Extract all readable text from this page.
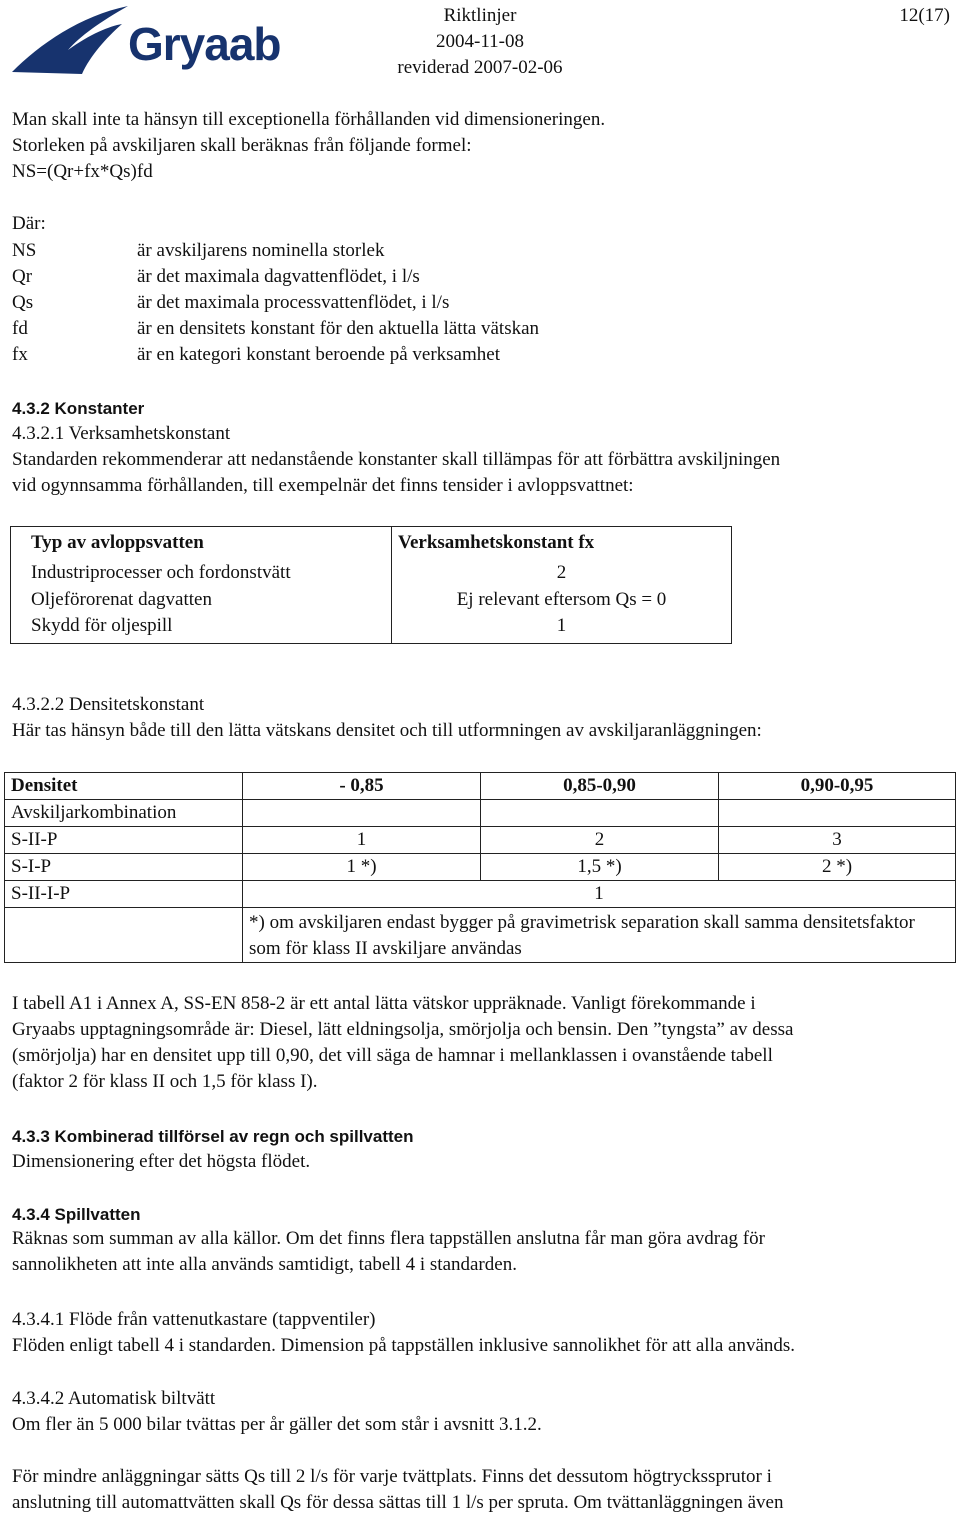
Gryaab
Riktlinjer
2004-11-08
reviderad 2007-02-06
12(17)
Man skall inte ta hänsyn till exceptionella förhållanden vid dimensioneringen.
Storleken på avskiljaren skall beräknas från följande formel:
NS=(Qr+fx*Qs)fd
Där:
NS	är avskiljarens nominella storlek
Qr	är det maximala dagvattenflödet, i l/s
Qs	är det maximala processvattenflödet, i l/s
fd	är en densitets konstant för den aktuella lätta vätskan
fx	är en kategori konstant beroende på verksamhet
4.3.2 Konstanter
4.3.2.1 Verksamhetskonstant
Standarden rekommenderar att nedanstående konstanter skall tillämpas för att förbättra avskiljningen
vid ogynnsamma förhållanden, till exempelnär det finns tensider i avloppsvattnet:
Typ av avloppsvatten	Verksamhetskonstant fx
Industriprocesser och fordonstvätt	2
Oljeförorenat dagvatten	Ej relevant eftersom Qs = 0
Skydd för oljespill	1
4.3.2.2 Densitetskonstant
Här tas hänsyn både till den lätta vätskans densitet och till utformningen av avskiljaranläggningen:
Densitet	- 0,85	0,85-0,90	0,90-0,95
Avskiljarkombination			
S-II-P	1	2	3
S-I-P	1 *)	1,5 *)	2 *)
S-II-I-P	1		
	*) om avskiljaren endast bygger på gravimetrisk separation skall samma densitetsfaktor som för klass II avskiljare användas		
I tabell A1 i Annex A, SS-EN 858-2 är ett antal lätta vätskor uppräknade. Vanligt förekommande i
Gryaabs upptagningsområde är: Diesel, lätt eldningsolja, smörjolja och bensin. Den ”tyngsta” av dessa
(smörjolja) har en densitet upp till 0,90, det vill säga de hamnar i mellanklassen i ovanstående tabell
(faktor 2 för klass II och 1,5 för klass I).
4.3.3 Kombinerad tillförsel av regn och spillvatten
Dimensionering efter det högsta flödet.
4.3.4 Spillvatten
Räknas som summan av alla källor. Om det finns flera tappställen anslutna får man göra avdrag för
sannolikheten att inte alla används samtidigt, tabell 4 i standarden.
4.3.4.1 Flöde från vattenutkastare (tappventiler)
Flöden enligt tabell 4 i standarden. Dimension på tappställen inklusive sannolikhet för att alla används.
4.3.4.2 Automatisk biltvätt
Om fler än 5 000 bilar tvättas per år gäller det som står i avsnitt 3.1.2.
För mindre anläggningar sätts Qs till 2 l/s för varje tvättplats. Finns det dessutom högtryckssprutor i
anslutning till automattvätten skall Qs för dessa sättas till 1 l/s per spruta. Om tvättanläggningen även
